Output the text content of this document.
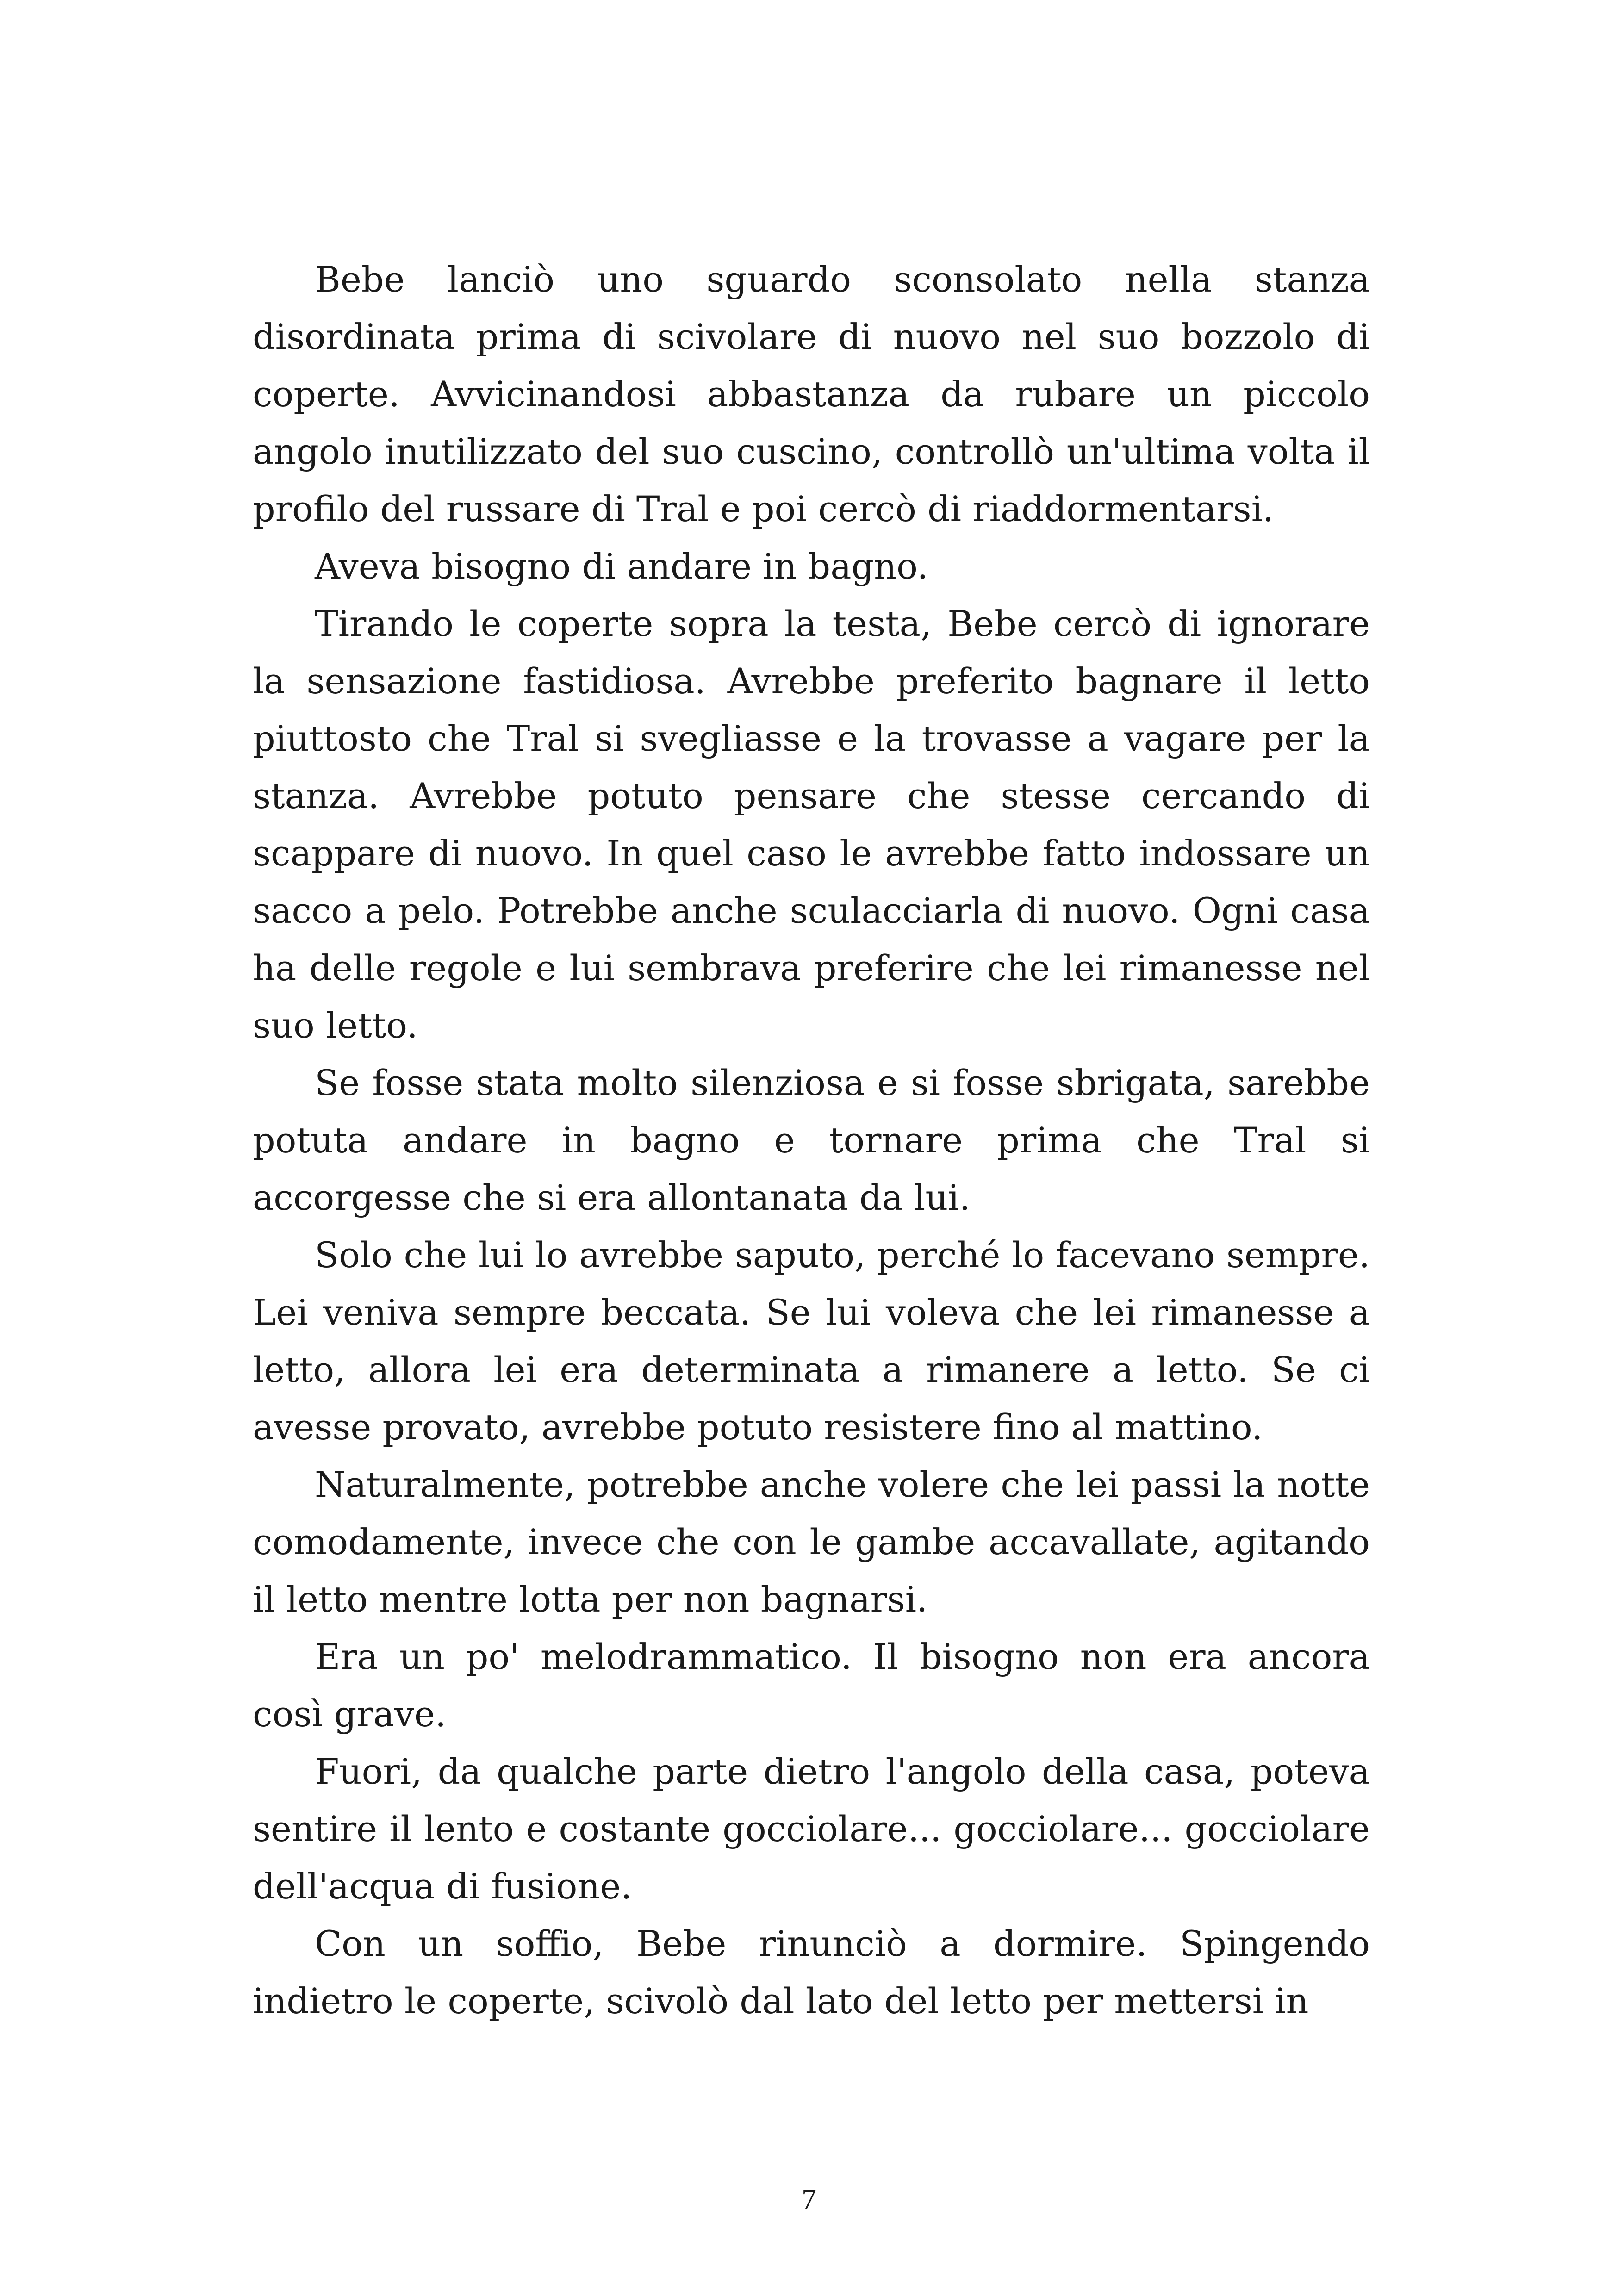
Bebe lanciò uno sguardo sconsolato nella stanza disordinata prima di scivolare di nuovo nel suo bozzolo di coperte. Avvicinandosi abbastanza da rubare un piccolo angolo inutilizzato del suo cuscino, controllò un'ultima volta il profilo del russare di Tral e poi cercò di riaddormentarsi.

Aveva bisogno di andare in bagno.

Tirando le coperte sopra la testa, Bebe cercò di ignorare la sensazione fastidiosa. Avrebbe preferito bagnare il letto piuttosto che Tral si svegliasse e la trovasse a vagare per la stanza. Avrebbe potuto pensare che stesse cercando di scappare di nuovo. In quel caso le avrebbe fatto indossare un sacco a pelo. Potrebbe anche sculacciarla di nuovo. Ogni casa ha delle regole e lui sembrava preferire che lei rimanesse nel suo letto.

Se fosse stata molto silenziosa e si fosse sbrigata, sarebbe potuta andare in bagno e tornare prima che Tral si accorgesse che si era allontanata da lui.

Solo che lui lo avrebbe saputo, perché lo facevano sempre. Lei veniva sempre beccata. Se lui voleva che lei rimanesse a letto, allora lei era determinata a rimanere a letto. Se ci avesse provato, avrebbe potuto resistere fino al mattino.

Naturalmente, potrebbe anche volere che lei passi la notte comodamente, invece che con le gambe accavallate, agitando il letto mentre lotta per non bagnarsi.

Era un po' melodrammatico. Il bisogno non era ancora così grave.

Fuori, da qualche parte dietro l'angolo della casa, poteva sentire il lento e costante gocciolare... gocciolare... gocciolare dell'acqua di fusione.

Con un soffio, Bebe rinunciò a dormire. Spingendo indietro le coperte, scivolò dal lato del letto per mettersi in

7
